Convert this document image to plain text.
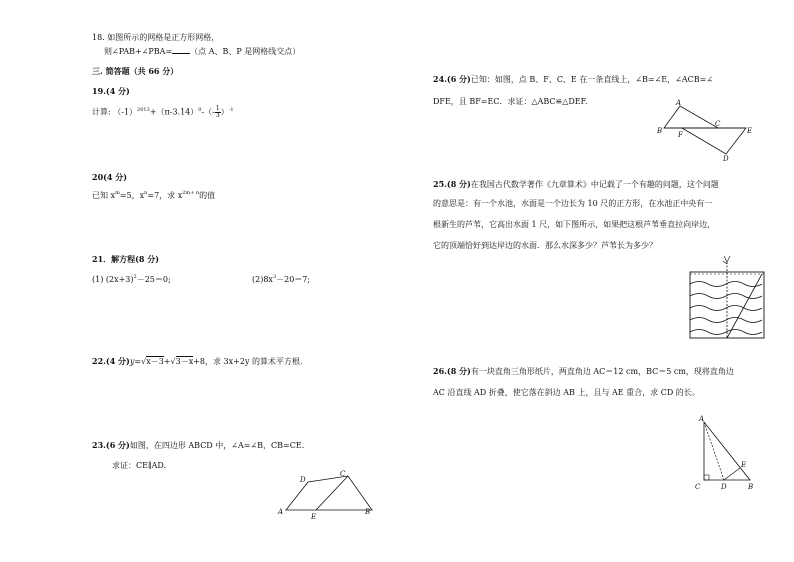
18. 如图所示的网格是正方形网格,
则∠PAB+∠PBA= （点 A、B、P 是网格线交点）
三. 简答题（共 66 分）
19.(4 分)
计算: $(-1)^{2013}+(\pi-3.14)^0-(- \frac{1}{3} )^{-1}$
20(4 分)
已知 $x^m=5$，$x^n=7$，求 $x^{2m+ n}$的值
21．解方程(8 分)
(1) $(2x+3)^2-25=0$;	$(2)8x^3-20=7$;
22.(4 分)y=√x－3+√3－x+8，求 3x+2y 的算术平方根.
23.(6 分)如图，在四边形 ABCD 中，∠A=∠B，CB=CE.
求证：CE∥AD.
A	B
C
D
E
24.(6 分)已知：如图，点 B、F、C、E 在一条直线上，∠B=∠E，∠ACB=∠
DFE，且 BF=EC．求证：△ABC≌△DEF.	A
B
C
D
E
F
25.(8 分)在我国古代数学著作《九章算术》中记载了一个有趣的问题，这个问题
的意思是：有一个水池，水面是一个边长为 10 尺的正方形，在水池正中央有一
根新生的芦苇，它高出水面 1 尺，如下图所示，如果把这根芦苇垂直拉向岸边，
它的顶端恰好到达岸边的水面．那么水深多少？芦苇长为多少？
26.(8 分)有一块直角三角形纸片，两直角边 AC＝12 cm，BC＝5 cm，现将直角边
AC 沿直线 AD 折叠，使它落在斜边 AB 上，且与 AE 重合，求 CD 的长。
A
C	D	B
E
